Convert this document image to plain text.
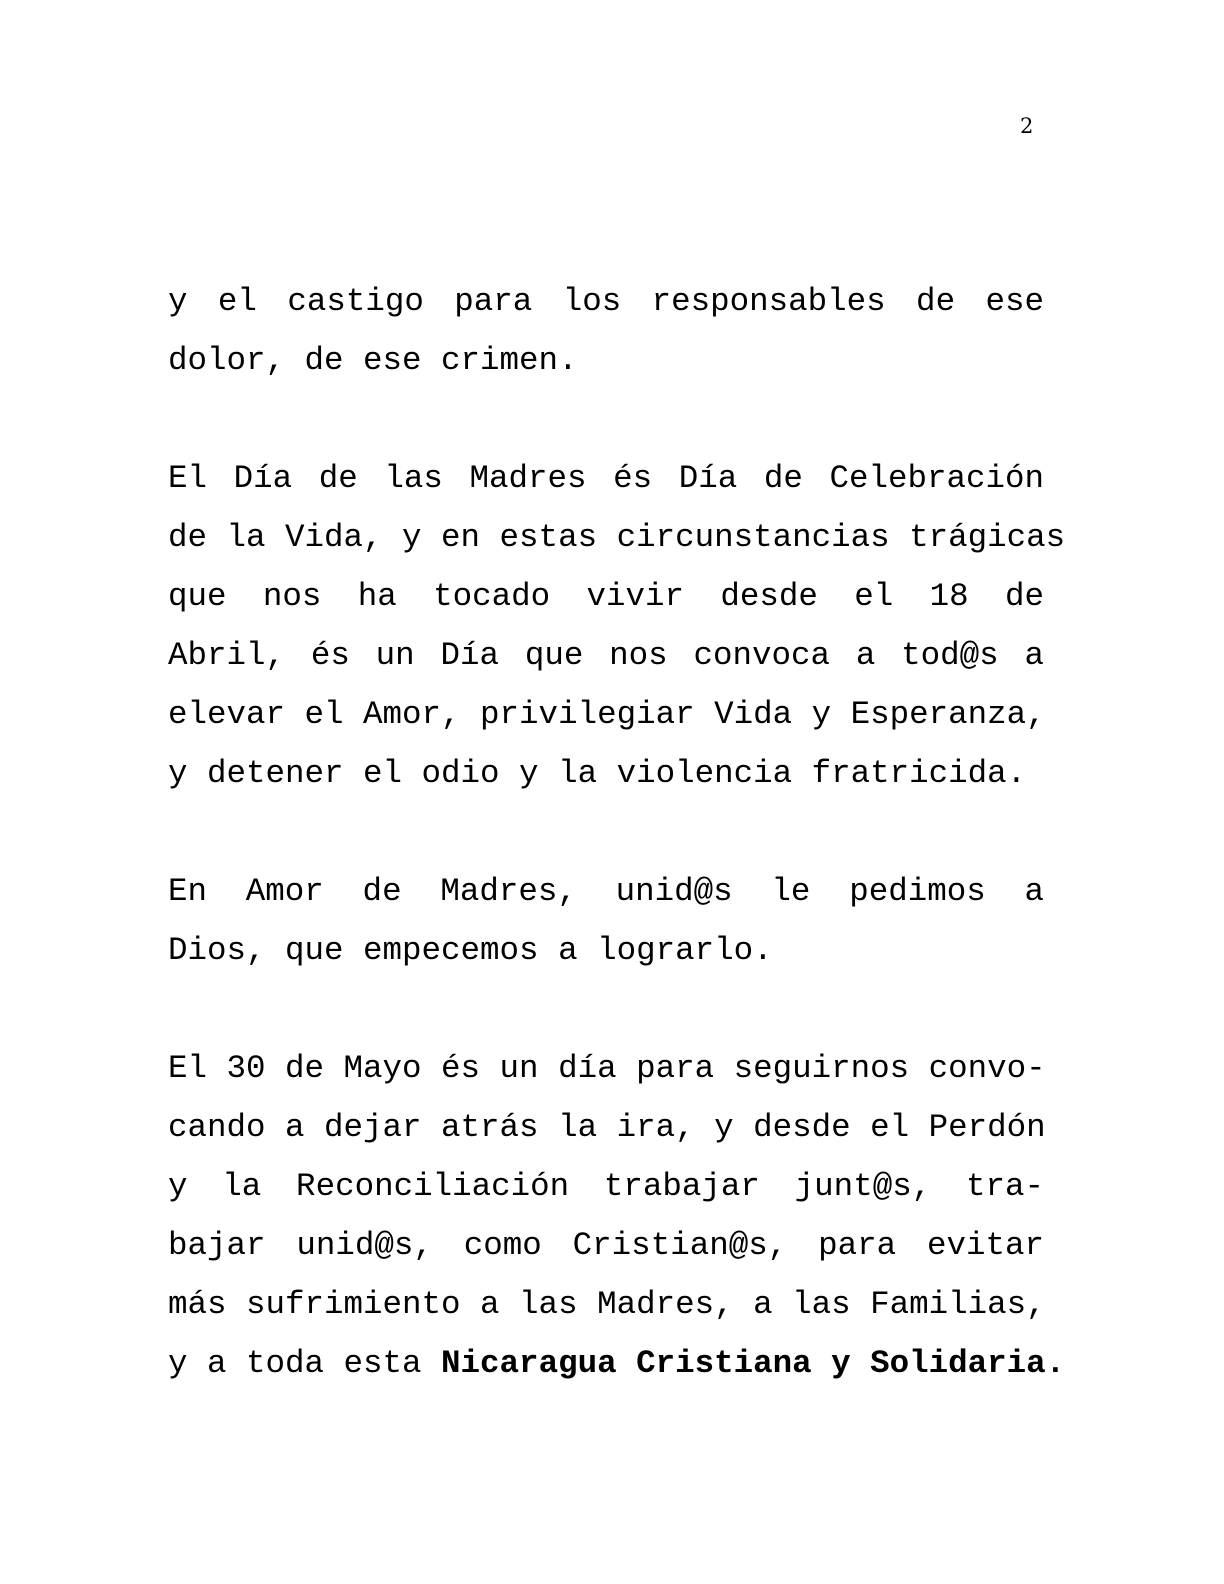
2
y el castigo para los responsables de ese
dolor, de ese crimen.
El Día de las Madres és Día de Celebración
de la Vida, y en estas circunstancias trágicas
que nos ha tocado vivir desde el 18 de
Abril, és un Día que nos convoca a tod@s a
elevar el Amor, privilegiar Vida y Esperanza,
y detener el odio y la violencia fratricida.
En Amor de Madres, unid@s le pedimos a
Dios, que empecemos a lograrlo.
El 30 de Mayo és un día para seguirnos convo-
cando a dejar atrás la ira, y desde el Perdón
y la Reconciliación trabajar junt@s, tra-
bajar unid@s, como Cristian@s, para evitar
más sufrimiento a las Madres, a las Familias,
y a toda esta Nicaragua Cristiana y Solidaria.
